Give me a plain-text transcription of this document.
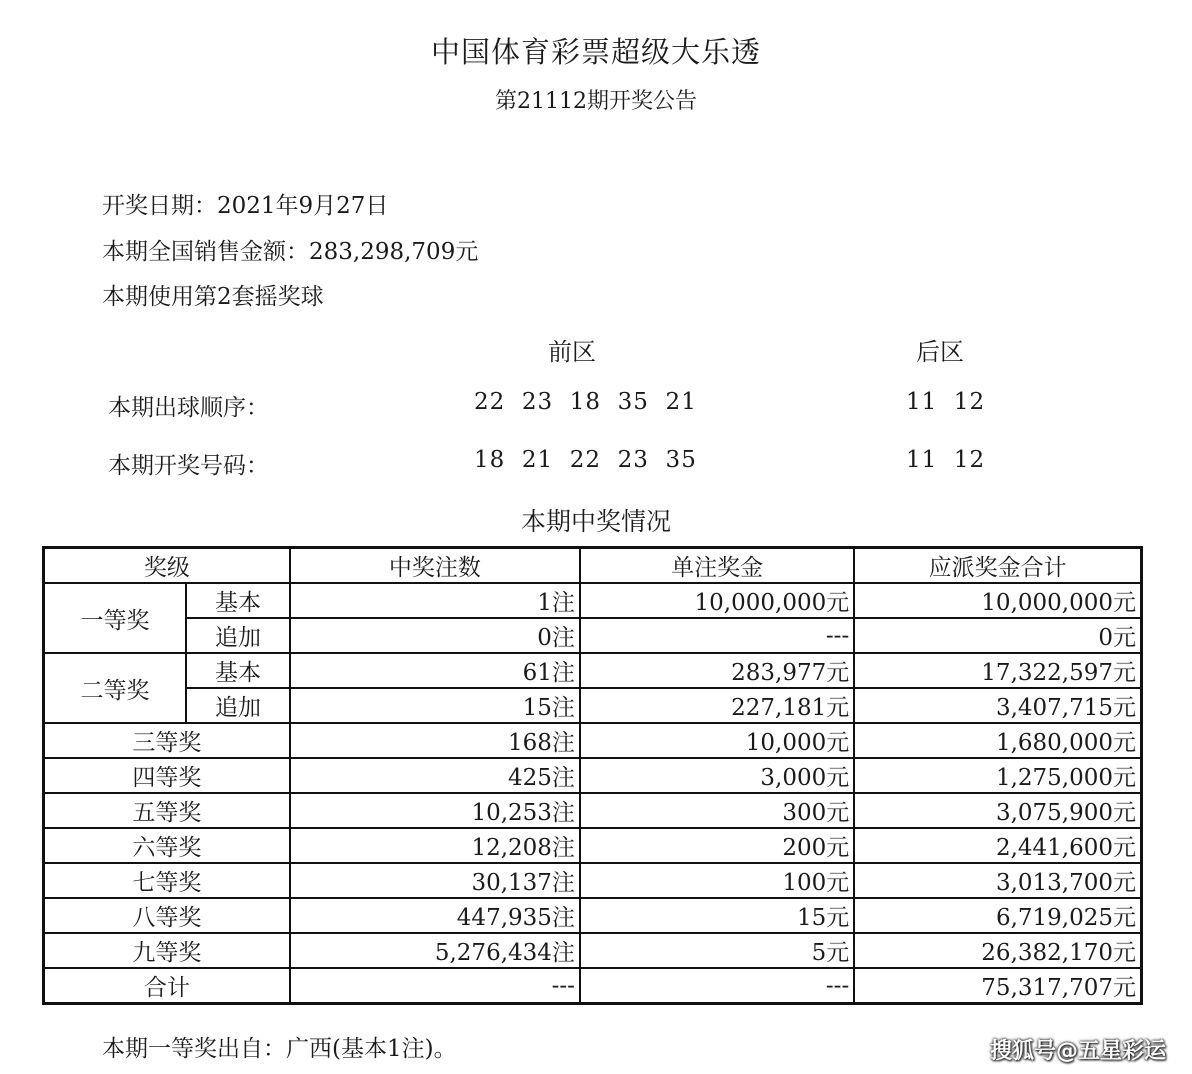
中国体育彩票超级大乐透
第21112期开奖公告
开奖日期：2021年9月27日
本期全国销售金额：283,298,709元
本期使用第2套摇奖球
前区	后区
本期出球顺序：	22  23  18  35  21	11  12
本期开奖号码：	18  21  22  23  35	11  12
本期中奖情况
奖级		中奖注数	单注奖金	应派奖金合计
一等奖	基本	1注	10,000,000元	10,000,000元
	追加	0注	---	0元
二等奖	基本	61注	283,977元	17,322,597元
	追加	15注	227,181元	3,407,715元
三等奖		168注	10,000元	1,680,000元
四等奖		425注	3,000元	1,275,000元
五等奖		10,253注	300元	3,075,900元
六等奖		12,208注	200元	2,441,600元
七等奖		30,137注	100元	3,013,700元
八等奖		447,935注	15元	6,719,025元
九等奖		5,276,434注	5元	26,382,170元
合计		---	---	75,317,707元
本期一等奖出自：广西(基本1注)。	搜狐号@五星彩运
